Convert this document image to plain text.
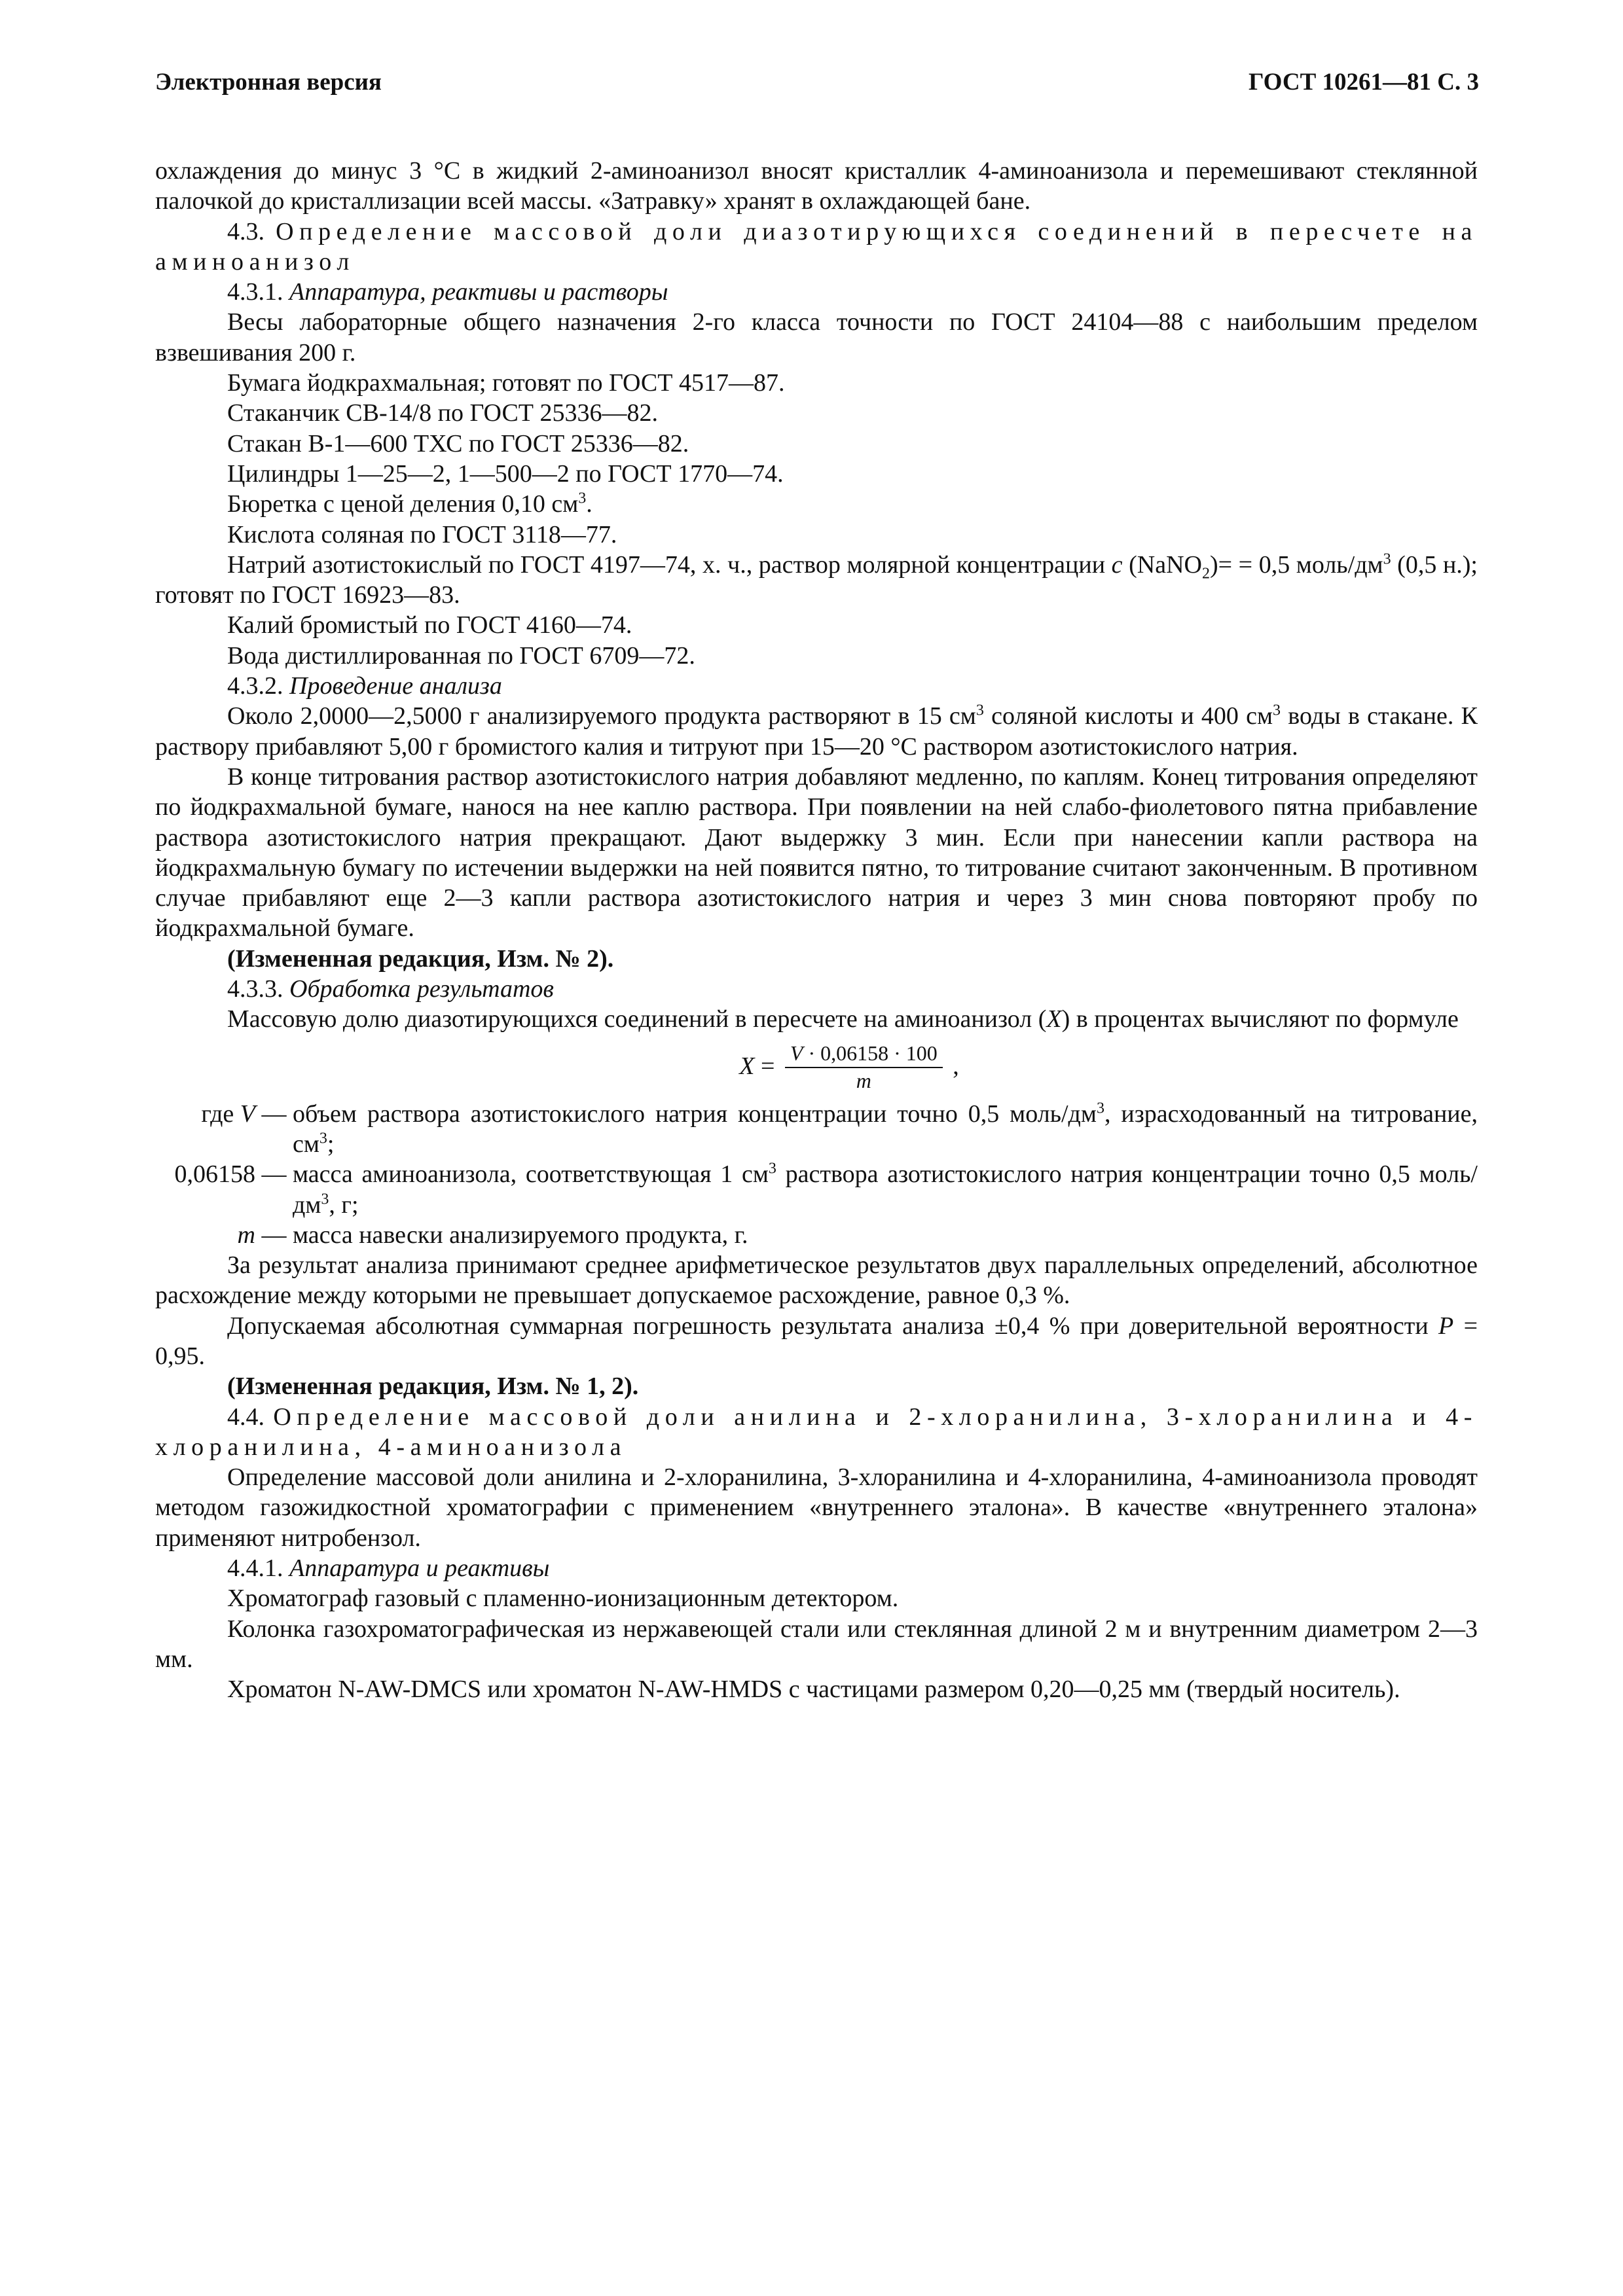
Электронная версия	ГОСТ 10261—81 С. 3

охлаждения до минус 3 °С в жидкий 2-аминоанизол вносят кристаллик 4-аминоанизола и перемешивают стеклянной палочкой до кристаллизации всей массы. «Затравку» хранят в охлаждающей бане.

4.3. Определение массовой доли диазотирующихся соединений в пересчете на аминоанизол

4.3.1. Аппаратура, реактивы и растворы

Весы лабораторные общего назначения 2-го класса точности по ГОСТ 24104—88 с наибольшим пределом взвешивания 200 г.

Бумага йодкрахмальная; готовят по ГОСТ 4517—87.
Стаканчик СВ-14/8 по ГОСТ 25336—82.
Стакан В-1—600 ТХС по ГОСТ 25336—82.
Цилиндры 1—25—2, 1—500—2 по ГОСТ 1770—74.
Бюретка с ценой деления 0,10 $см^3$.
Кислота соляная по ГОСТ 3118—77.

Натрий азотистокислый по ГОСТ 4197—74, х. ч., раствор молярной концентрации с (NaNO$_2$)= = 0,5 моль/$дм^3$ (0,5 н.); готовят по ГОСТ 16923—83.

Калий бромистый по ГОСТ 4160—74.
Вода дистиллированная по ГОСТ 6709—72.

4.3.2. Проведение анализа

Около 2,0000—2,5000 г анализируемого продукта растворяют в 15 $см^3$ соляной кислоты и 400 $см^3$ воды в стакане. К раствору прибавляют 5,00 г бромистого калия и титруют при 15—20 °С раствором азотистокислого натрия.

В конце титрования раствор азотистокислого натрия добавляют медленно, по каплям. Конец титрования определяют по йодкрахмальной бумаге, нанося на нее каплю раствора. При появлении на ней слабо-фиолетового пятна прибавление раствора азотистокислого натрия прекращают. Дают выдержку 3 мин. Если при нанесении капли раствора на йодкрахмальную бумагу по истечении выдержки на ней появится пятно, то титрование считают законченным. В противном случае прибавляют еще 2—3 капли раствора азотистокислого натрия и через 3 мин снова повторяют пробу по йодкрахмальной бумаге.

(Измененная редакция, Изм. № 2).

4.3.3. Обработка результатов

Массовую долю диазотирующихся соединений в пересчете на аминоанизол (X) в процентах вычисляют по формуле

$X = \frac{V \cdot 0,06158 \cdot 100}{m}$ ,
где V — объем раствора азотистокислого натрия концентрации точно 0,5 моль/$дм^3$, израсходованный на титрование, $см^3$;
0,06158 — масса аминоанизола, соответствующая 1 $см^3$ раствора азотистокислого натрия концентрации точно 0,5 моль/$дм^3$, г;
m — масса навески анализируемого продукта, г.

За результат анализа принимают среднее арифметическое результатов двух параллельных определений, абсолютное расхождение между которыми не превышает допускаемое расхождение, равное 0,3 %.

Допускаемая абсолютная суммарная погрешность результата анализа ±0,4 % при доверительной вероятности P = 0,95.

(Измененная редакция, Изм. № 1, 2).

4.4. Определение массовой доли анилина и 2-хлоранилина, 3-хлоранилина и 4-хлоранилина, 4-аминоанизола

Определение массовой доли анилина и 2-хлоранилина, 3-хлоранилина и 4-хлоранилина, 4-аминоанизола проводят методом газожидкостной хроматографии с применением «внутреннего эталона». В качестве «внутреннего эталона» применяют нитробензол.

4.4.1. Аппаратура и реактивы

Хроматограф газовый с пламенно-ионизационным детектором.

Колонка газохроматографическая из нержавеющей стали или стеклянная длиной 2 м и внутренним диаметром 2—3 мм.

Хроматон N-AW-DMCS или хроматон N-AW-HMDS с частицами размером 0,20—0,25 мм (твердый носитель).
